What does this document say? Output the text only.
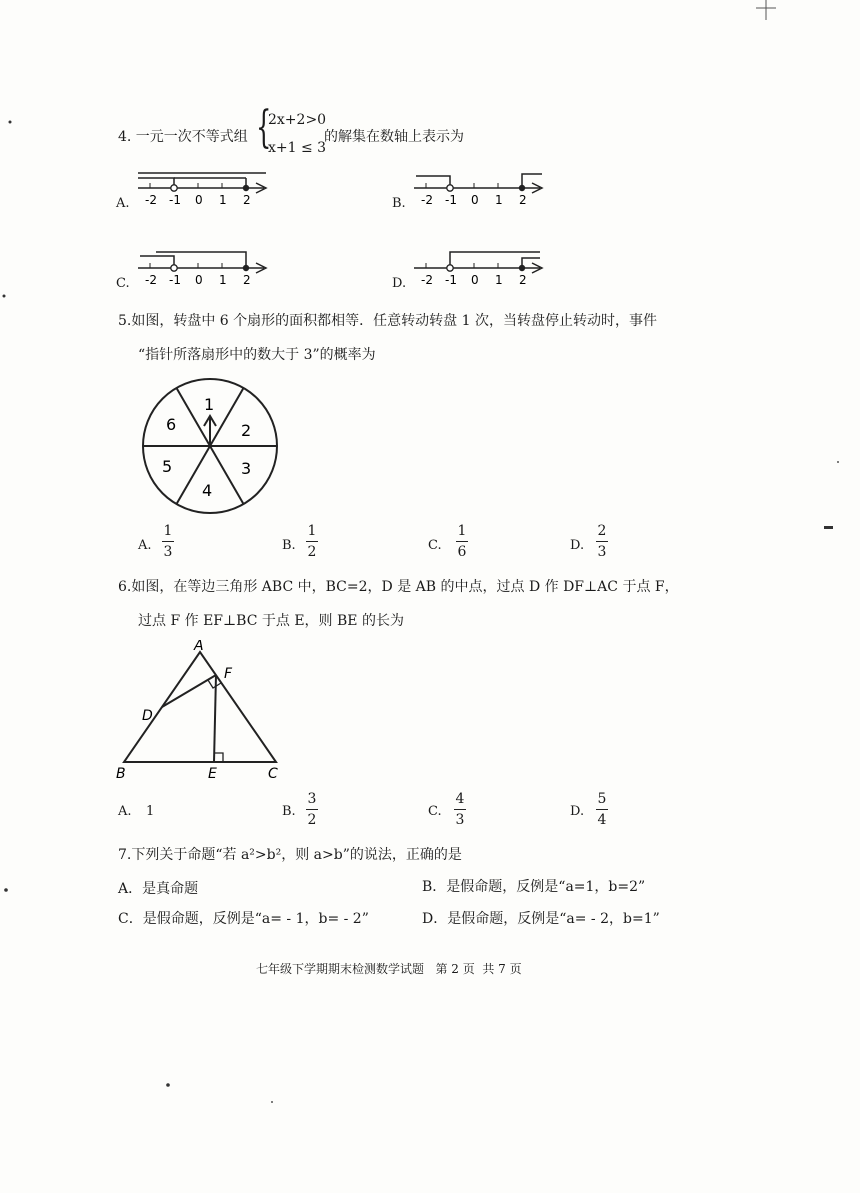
4. 一元一次不等式组 {
2x+2>0
x+1 ≤ 3
的解集在数轴上表示为
A. -2 -1 0 1 2	B. -2 -1 0 1 2
C. -2 -1 0 1 2	D. -2 -1 0 1 2
5.如图，转盘中 6 个扇形的面积都相等．任意转动转盘 1 次，当转盘停止转动时，事件
“指针所落扇形中的数大于 3”的概率为
1
2
3
4
5
6
A.
1
3	B.
1
2	C.
1
6	D.
2
3
6.如图，在等边三角形 ABC 中，BC=2，D 是 AB 的中点，过点 D 作 DF⊥AC 于点 F，
过点 F 作 EF⊥BC 于点 E，则 BE 的长为
A
F
D
B	E	C
A. 1	B.
3
2
C.
4
3
D.
5
4
7.下列关于命题“若 a²>b²，则 a>b”的说法，正确的是
A．是真命题	B．是假命题，反例是“a=1，b=2”
C．是假命题，反例是“a= - 1，b= - 2”	D．是假命题，反例是“a= - 2，b=1”
七年级下学期期末检测数学试题   第 2 页  共 7 页
